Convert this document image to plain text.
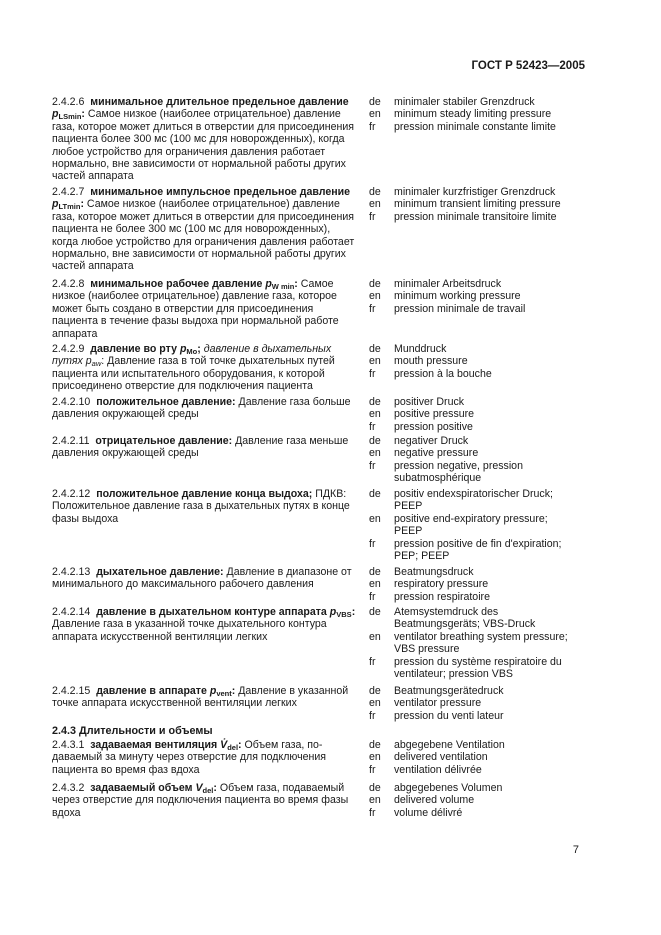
ГОСТ Р 52423—2005
2.4.2.6 минимальное длительное предельное давление $p_{LSmin}$: Самое низкое (наиболее отрицательное) давление газа, которое может длиться в отверстии для присоединения пациента более 300 мс (100 мс для новорожденных), когда любое устройство для ограничения давления работает нормально, вне зависимости от нормальной работы других частей аппарата
de	minimaler stabiler Grenzdruck
en	minimum steady limiting pressure
fr	pression minimale constante limite
2.4.2.7 минимальное импульсное предельное давление $p_{LTmin}$: Самое низкое (наиболее отрицательное) давление газа, которое может длиться в отверстии для присоединения пациента не более 300 мс (100 мс для новорожденных), когда любое устройство для ограничения давления работает нормально, вне зависимости от нормальной работы других частей аппарата
de	minimaler kurzfristiger Grenzdruck
en	minimum transient limiting pressure
fr	pression minimale transitoire limite
2.4.2.8 минимальное рабочее давление $p_{W min}$: Самое низкое (наиболее отрицательное) давление газа, которое может быть создано в отверстии для присоединения пациента в течение фазы выдоха при нормальной работе аппарата
de	minimaler Arbeitsdruck
en	minimum working pressure
fr	pression minimale de travail
2.4.2.9 давление во рту $p_{Mo}$; давление в дыхательных путях $p_{aw}$: Давление газа в той точке дыхательных путей пациента или испытательного оборудования, к которой присоединено отверстие для подключения пациента
de	Munddruck
en	mouth pressure
fr	pression à la bouche
2.4.2.10 положительное давление: Давление газа больше давления окружающей среды
de	positiver Druck
en	positive pressure
fr	pression positive
2.4.2.11 отрицательное давление: Давление газа меньше давления окружающей среды
de	negativer Druck
en	negative pressure
fr	pression negative, pression
subatmosphérique
2.4.2.12 положительное давление конца выдоха; ПДКВ: Положительное давление газа в дыхательных путях в конце фазы выдоха
de	positiv endexspiratorischer Druck;
PEEP
en	positive end-expiratory pressure;
PEEP
fr	pression positive de fin d'expiration;
PEP; PEEP
2.4.2.13 дыхательное давление: Давление в диапазоне от минимального до максимального рабочего давления
de	Beatmungsdruck
en	respiratory pressure
fr	pression respiratoire
2.4.2.14 давление в дыхательном контуре аппарата $p_{VBS}$: Давление газа в указанной точке дыхательного контура аппарата искусственной вентиляции легких
de	Atemsystemdruck des
Beatmungsgeräts; VBS-Druck
en	ventilator breathing system pressure;
VBS pressure
fr	pression du système respiratoire du
ventilateur; pression VBS
2.4.2.15 давление в аппарате $p_{vent}$: Давление в указанной точке аппарата искусственной вентиляции легких
de	Beatmungsgerätedruck
en	ventilator pressure
fr	pression du venti lateur
2.4.3 Длительности и объемы
2.4.3.1 задаваемая вентиляция $V̇_{del}$: Объем газа, подаваемый за минуту через отверстие для подключения пациента во время фаз вдоха
de	abgegebene Ventilation
en	delivered ventilation
fr	ventilation délivrée
2.4.3.2 задаваемый объем $V_{del}$: Объем газа, подаваемый через отверстие для подключения пациента во время фазы вдоха
de	abgegebenes Volumen
en	delivered volume
fr	volume délivré
7
